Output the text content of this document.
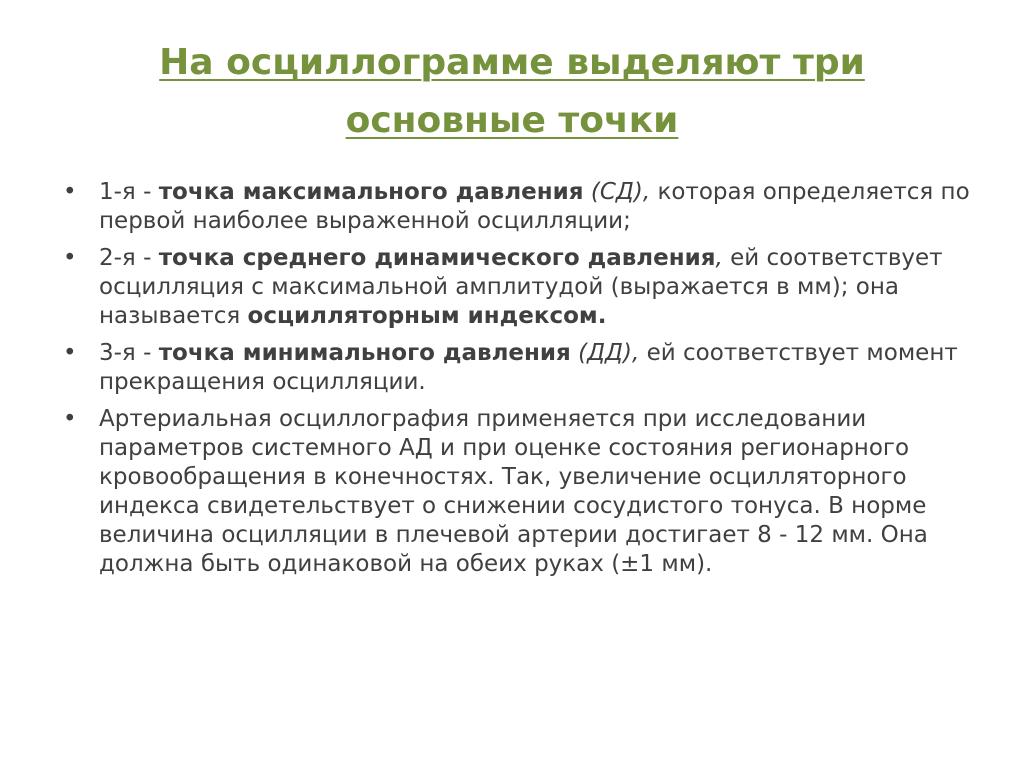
На осциллограмме выделяют три основные точки
• 1-я - точка максимального давления (СД), которая определяется по первой наиболее выраженной осцилляции;
• 2-я - точка среднего динамического давления, ей соответствует осцилляция с максимальной амплитудой (выражается в мм); она называется осцилляторным индексом.
• 3-я - точка минимального давления (ДД), ей соответствует момент прекращения осцилляции.
• Артериальная осциллография применяется при исследовании параметров системного АД и при оценке состояния регионарного кровообращения в конечностях. Так, увеличение осцилляторного индекса свидетельствует о снижении сосудистого тонуса. В норме величина осцилляции в плечевой артерии достигает 8 - 12 мм. Она должна быть одинаковой на обеих руках (±1 мм).
